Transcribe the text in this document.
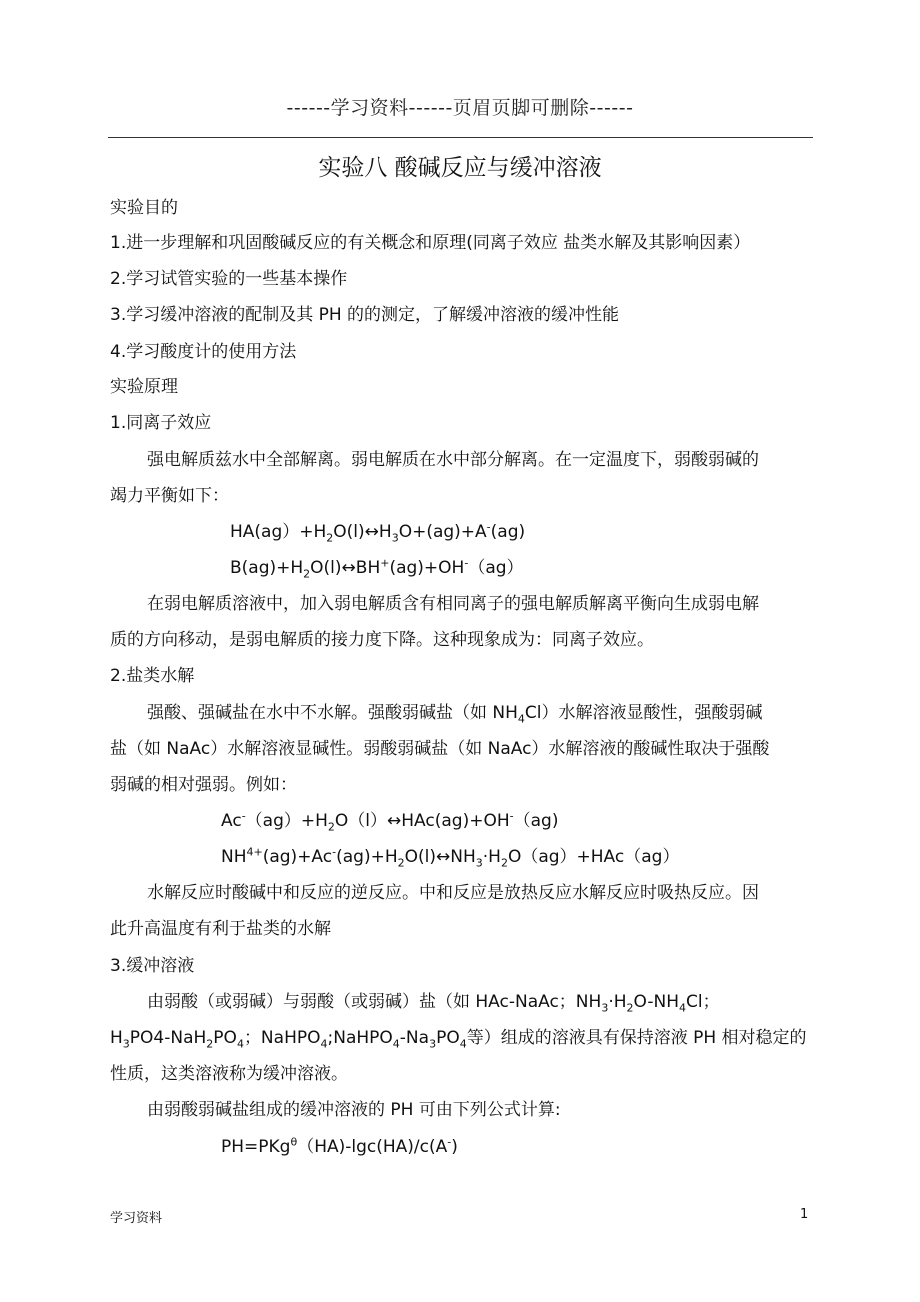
------学习资料------页眉页脚可删除------
实验八 酸碱反应与缓冲溶液
实验目的
1.进一步理解和巩固酸碱反应的有关概念和原理(同离子效应 盐类水解及其影响因素）
2.学习试管实验的一些基本操作
3.学习缓冲溶液的配制及其 PH 的的测定，了解缓冲溶液的缓冲性能
4.学习酸度计的使用方法
实验原理
1.同离子效应
强电解质兹水中全部解离。弱电解质在水中部分解离。在一定温度下，弱酸弱碱的
竭力平衡如下：
$HA(ag)+H_2O(l)\leftrightarrow H_3O+(ag)+A^-(ag)$
$B(ag)+H_2O(l)\leftrightarrow BH^+(ag)+OH^-(ag)$
在弱电解质溶液中，加入弱电解质含有相同离子的强电解质解离平衡向生成弱电解
质的方向移动，是弱电解质的接力度下降。这种现象成为：同离子效应。
2.盐类水解
强酸、强碱盐在水中不水解。强酸弱碱盐（如 $NH_4Cl$）水解溶液显酸性，强酸弱碱
盐（如 NaAc）水解溶液显碱性。弱酸弱碱盐（如 NaAc）水解溶液的酸碱性取决于强酸
弱碱的相对强弱。例如：
$Ac^-(ag)+H_2O(l)\leftrightarrow HAc(ag)+OH^-(ag)$
$NH^{4+}(ag)+Ac^-(ag)+H_2O(l)\leftrightarrow NH_3\cdot H_2O(ag)+HAc(ag)$
水解反应时酸碱中和反应的逆反应。中和反应是放热反应水解反应时吸热反应。因
此升高温度有利于盐类的水解
3.缓冲溶液
由弱酸（或弱碱）与弱酸（或弱碱）盐（如 HAc-NaAc；$NH_3\cdot H_2O-NH_4Cl$；
$H_3PO4-NaH_2PO_4$；$NaHPO_4;NaHPO_4-Na_3PO_4$等）组成的溶液具有保持溶液 PH 相对稳定的
性质，这类溶液称为缓冲溶液。
由弱酸弱碱盐组成的缓冲溶液的 PH 可由下列公式计算:
PH=PKg$^\theta$（HA)-lgc(HA)/c(A-)
学习资料	1
